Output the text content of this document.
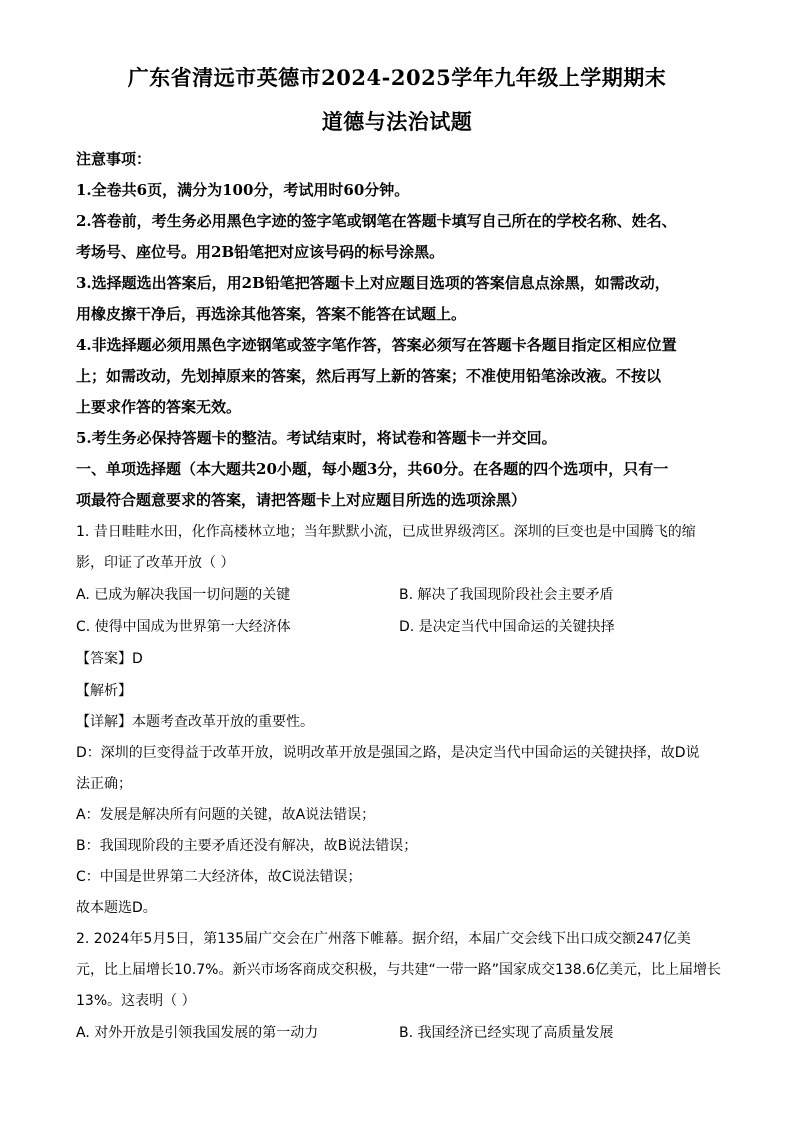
广东省清远市英德市2024-2025学年九年级上学期期末
道德与法治试题
注意事项：
1.全卷共6页，满分为100分，考试用时60分钟。
2.答卷前，考生务必用黑色字迹的签字笔或钢笔在答题卡填写自己所在的学校名称、姓名、
考场号、座位号。用2B铅笔把对应该号码的标号涂黑。
3.选择题选出答案后，用2B铅笔把答题卡上对应题目选项的答案信息点涂黑，如需改动，
用橡皮擦干净后，再选涂其他答案，答案不能答在试题上。
4.非选择题必须用黑色字迹钢笔或签字笔作答，答案必须写在答题卡各题目指定区相应位置
上；如需改动，先划掉原来的答案，然后再写上新的答案；不准使用铅笔涂改液。不按以
上要求作答的答案无效。
5.考生务必保持答题卡的整洁。考试结束时，将试卷和答题卡一并交回。
一、单项选择题（本大题共20小题，每小题3分，共60分。在各题的四个选项中，只有一
项最符合题意要求的答案，请把答题卡上对应题目所选的选项涂黑）
1. 昔日畦畦水田，化作高楼林立地；当年默默小流，已成世界级湾区。深圳的巨变也是中国腾飞的缩
影，印证了改革开放（ ）
A. 已成为解决我国一切问题的关键	B. 解决了我国现阶段社会主要矛盾
C. 使得中国成为世界第一大经济体	D. 是决定当代中国命运的关键抉择
【答案】D
【解析】
【详解】本题考查改革开放的重要性。
D：深圳的巨变得益于改革开放，说明改革开放是强国之路，是决定当代中国命运的关键抉择，故D说
法正确；
A：发展是解决所有问题的关键，故A说法错误；
B：我国现阶段的主要矛盾还没有解决，故B说法错误；
C：中国是世界第二大经济体，故C说法错误；
故本题选D。
2. 2024年5月5日，第135届广交会在广州落下帷幕。据介绍，本届广交会线下出口成交额247亿美
元，比上届增长10.7%。新兴市场客商成交积极，与共建“一带一路”国家成交138.6亿美元，比上届增长
13%。这表明（ ）
A. 对外开放是引领我国发展的第一动力	B. 我国经济已经实现了高质量发展
